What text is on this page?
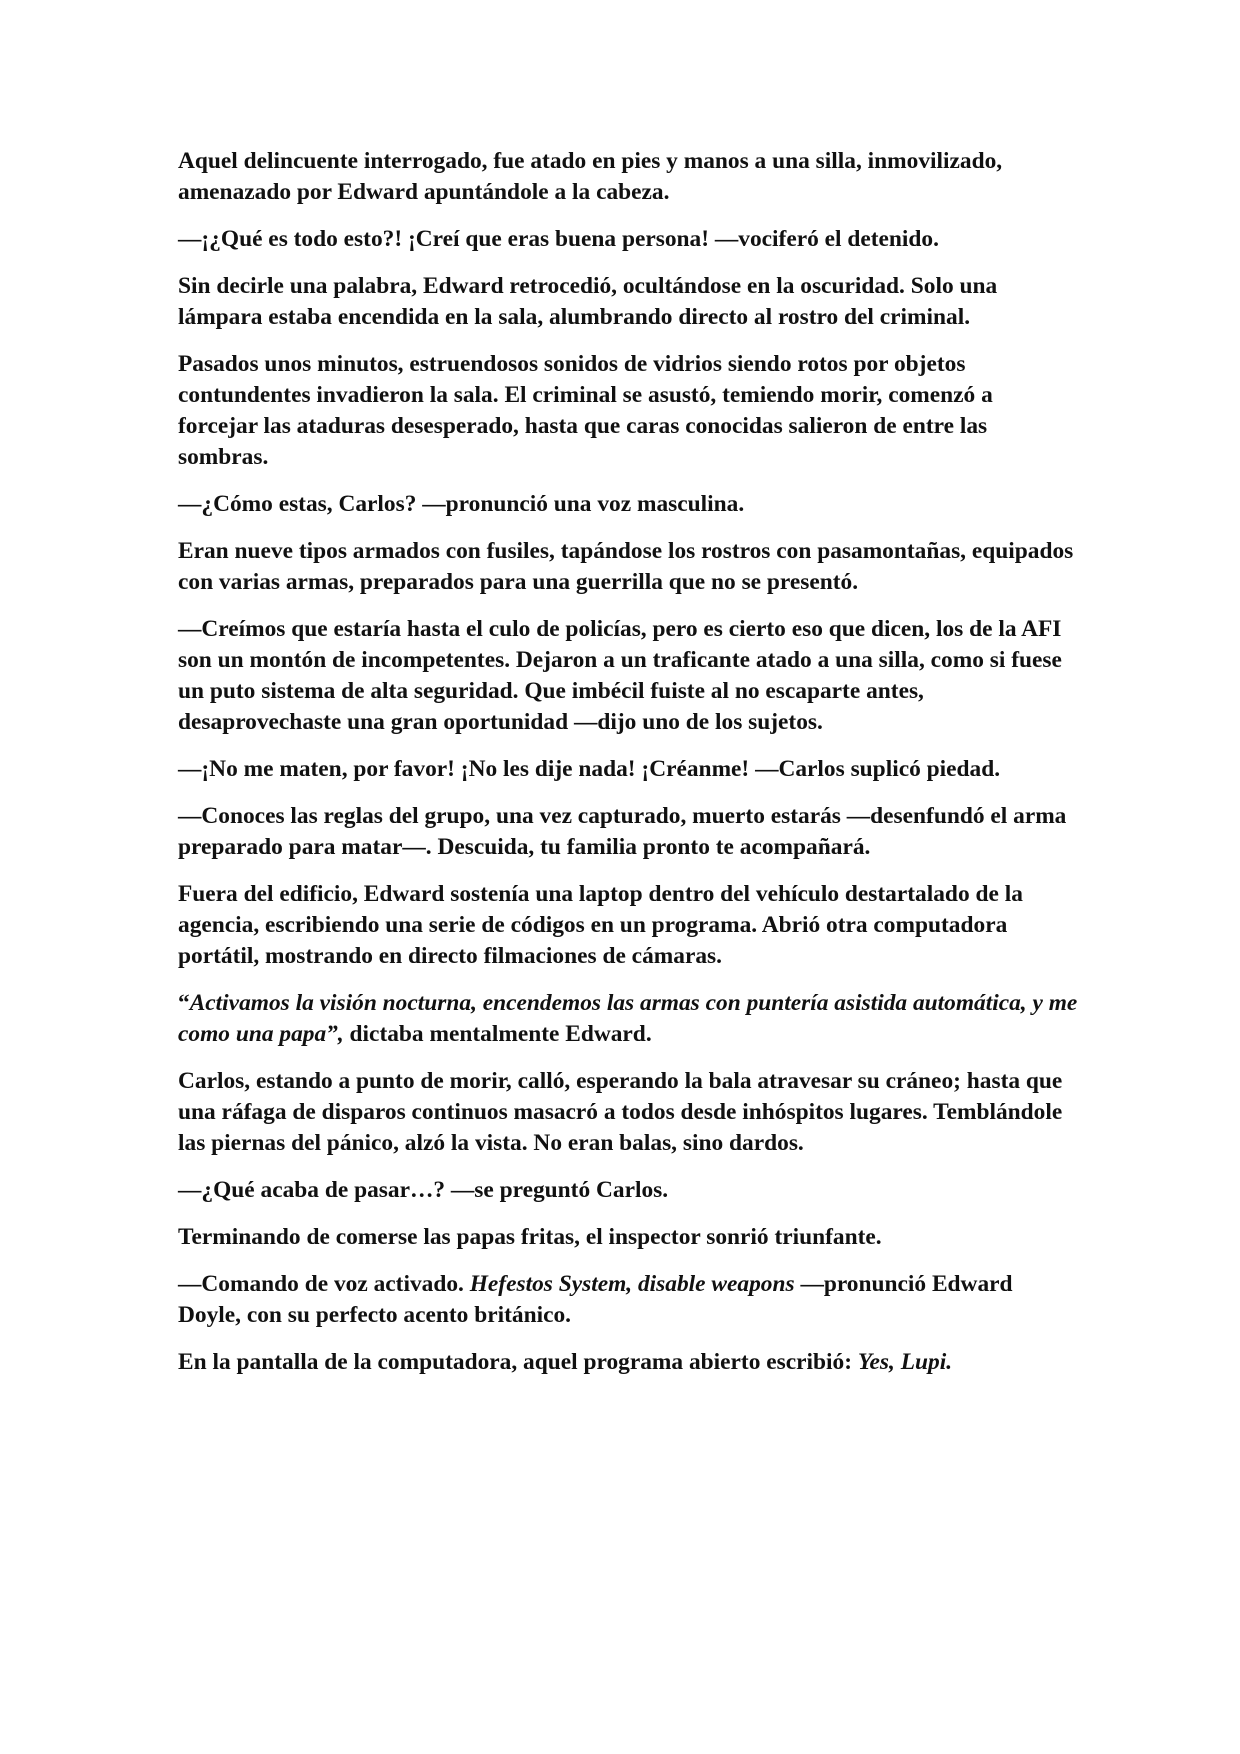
Aquel delincuente interrogado, fue atado en pies y manos a una silla, inmovilizado, amenazado por Edward apuntándole a la cabeza.

—¡¿Qué es todo esto?! ¡Creí que eras buena persona! —vociferó el detenido.

Sin decirle una palabra, Edward retrocedió, ocultándose en la oscuridad. Solo una lámpara estaba encendida en la sala, alumbrando directo al rostro del criminal.

Pasados unos minutos, estruendosos sonidos de vidrios siendo rotos por objetos contundentes invadieron la sala. El criminal se asustó, temiendo morir, comenzó a forcejar las ataduras desesperado, hasta que caras conocidas salieron de entre las sombras.

—¿Cómo estas, Carlos? —pronunció una voz masculina.

Eran nueve tipos armados con fusiles, tapándose los rostros con pasamontañas, equipados con varias armas, preparados para una guerrilla que no se presentó.

—Creímos que estaría hasta el culo de policías, pero es cierto eso que dicen, los de la AFI son un montón de incompetentes. Dejaron a un traficante atado a una silla, como si fuese un puto sistema de alta seguridad. Que imbécil fuiste al no escaparte antes, desaprovechaste una gran oportunidad —dijo uno de los sujetos.

—¡No me maten, por favor! ¡No les dije nada! ¡Créanme! —Carlos suplicó piedad.

—Conoces las reglas del grupo, una vez capturado, muerto estarás —desenfundó el arma preparado para matar—. Descuida, tu familia pronto te acompañará.

Fuera del edificio, Edward sostenía una laptop dentro del vehículo destartalado de la agencia, escribiendo una serie de códigos en un programa. Abrió otra computadora portátil, mostrando en directo filmaciones de cámaras.

“Activamos la visión nocturna, encendemos las armas con puntería asistida automática, y me como una papa”, dictaba mentalmente Edward.

Carlos, estando a punto de morir, calló, esperando la bala atravesar su cráneo; hasta que una ráfaga de disparos continuos masacró a todos desde inhóspitos lugares. Temblándole las piernas del pánico, alzó la vista. No eran balas, sino dardos.

—¿Qué acaba de pasar…? —se preguntó Carlos.

Terminando de comerse las papas fritas, el inspector sonrió triunfante.

—Comando de voz activado. Hefestos System, disable weapons —pronunció Edward Doyle, con su perfecto acento británico.

En la pantalla de la computadora, aquel programa abierto escribió: Yes, Lupi.
